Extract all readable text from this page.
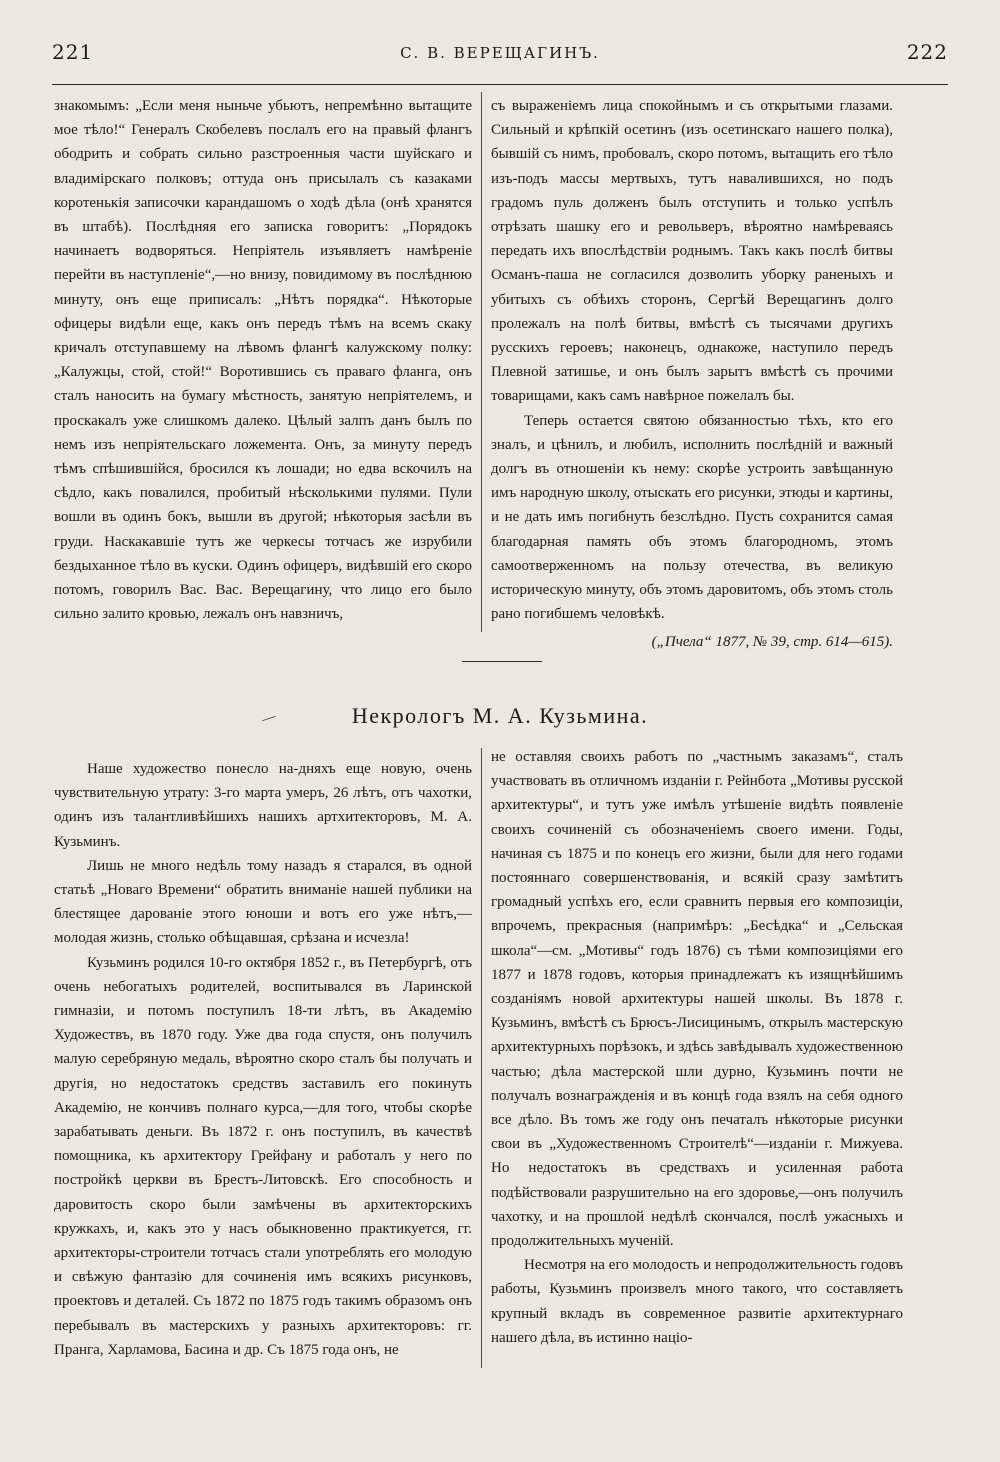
221	С. В. ВЕРЕЩАГИНЪ.	222

знакомымъ: „Если меня ныньче убьютъ, непремѣнно вытащите мое тѣло!“ Генералъ Скобелевъ послалъ его на правый флангъ ободрить и собрать сильно разстроенныя части шуйскаго и владимірскаго полковъ; оттуда онъ присылалъ съ казаками коротенькія записочки карандашомъ о ходѣ дѣла (онѣ хранятся въ штабѣ). Послѣдняя его записка говоритъ: „Порядокъ начинаетъ водворяться. Непріятель изъявляетъ намѣреніе перейти въ наступленіе“,—но внизу, повидимому въ послѣднюю минуту, онъ еще приписалъ: „Нѣтъ порядка“. Нѣкоторые офицеры видѣли еще, какъ онъ передъ тѣмъ на всемъ скаку кричалъ отступавшему на лѣвомъ флангѣ калужскому полку: „Калужцы, стой, стой!“ Воротившись съ праваго фланга, онъ сталъ наносить на бумагу мѣстность, занятую непріятелемъ, и проскакалъ уже слишкомъ далеко. Цѣлый залпъ данъ былъ по немъ изъ непріятельскаго ложемента. Онъ, за минуту передъ тѣмъ спѣшившійся, бросился къ лошади; но едва вскочилъ на сѣдло, какъ повалился, пробитый нѣсколькими пулями. Пули вошли въ одинъ бокъ, вышли въ другой; нѣкоторыя засѣли въ груди. Наскакавшіе тутъ же черкесы тотчасъ же изрубили бездыханное тѣло въ куски. Одинъ офицеръ, видѣвшій его скоро потомъ, говорилъ Вас. Вас. Верещагину, что лицо его было сильно залито кровью, лежалъ онъ навзничъ,

съ выраженіемъ лица спокойнымъ и съ открытыми глазами. Сильный и крѣпкій осетинъ (изъ осетинскаго нашего полка), бывшій съ нимъ, пробовалъ, скоро потомъ, вытащить его тѣло изъ-подъ массы мертвыхъ, тутъ навалившихся, но подъ градомъ пуль долженъ былъ отступить и только успѣлъ отрѣзать шашку его и револьверъ, вѣроятно намѣреваясь передать ихъ впослѣдствіи роднымъ. Такъ какъ послѣ битвы Османъ-паша не согласился дозволить уборку раненыхъ и убитыхъ съ обѣихъ сторонъ, Сергѣй Верещагинъ долго пролежалъ на полѣ битвы, вмѣстѣ съ тысячами другихъ русскихъ героевъ; наконецъ, однакоже, наступило передъ Плевной затишье, и онъ былъ зарытъ вмѣстѣ съ прочими товарищами, какъ самъ навѣрное пожелалъ бы.

Теперь остается святою обязанностью тѣхъ, кто его зналъ, и цѣнилъ, и любилъ, исполнить послѣдній и важный долгъ въ отношеніи къ нему: скорѣе устроить завѣщанную имъ народную школу, отыскать его рисунки, этюды и картины, и не дать имъ погибнуть безслѣдно. Пусть сохранится самая благодарная память объ этомъ благородномъ, этомъ самоотверженномъ на пользу отечества, въ великую историческую минуту, объ этомъ даровитомъ, объ этомъ столь рано погибшемъ человѣкѣ.

(„Пчела“ 1877, № 39, стр. 614—615).

Некрологъ М. А. Кузьмина.

Наше художество понесло на-дняхъ еще новую, очень чувствительную утрату: 3-го марта умеръ, 26 лѣтъ, отъ чахотки, одинъ изъ талантливѣйшихъ нашихъ артхитекторовъ, М. А. Кузьминъ.

Лишь не много недѣль тому назадъ я старался, въ одной статьѣ „Новаго Времени“ обратить вниманіе нашей публики на блестящее дарованіе этого юноши и вотъ его уже нѣтъ,—молодая жизнь, столько обѣщавшая, срѣзана и исчезла!

Кузьминъ родился 10-го октября 1852 г., въ Петербургѣ, отъ очень небогатыхъ родителей, воспитывался въ Ларинской гимназіи, и потомъ поступилъ 18-ти лѣтъ, въ Академію Художествъ, въ 1870 году. Уже два года спустя, онъ получилъ малую серебряную медаль, вѣроятно скоро сталъ бы получать и другія, но недостатокъ средствъ заставилъ его покинуть Академію, не кончивъ полнаго курса,—для того, чтобы скорѣе зарабатывать деньги. Въ 1872 г. онъ поступилъ, въ качествѣ помощника, къ архитектору Грейфану и работалъ у него по постройкѣ церкви въ Брестъ-Литовскѣ. Его способность и даровитость скоро были замѣчены въ архитекторскихъ кружкахъ, и, какъ это у насъ обыкновенно практикуется, гг. архитекторы-строители тотчасъ стали употреблять его молодую и свѣжую фантазію для сочиненія имъ всякихъ рисунковъ, проектовъ и деталей. Съ 1872 по 1875 годъ такимъ образомъ онъ перебывалъ въ мастерскихъ у разныхъ архитекторовъ: гг. Пранга, Харламова, Басина и др. Съ 1875 года онъ, не

не оставляя своихъ работъ по „частнымъ заказамъ“, сталъ участвовать въ отличномъ изданіи г. Рейнбота „Мотивы русской архитектуры“, и тутъ уже имѣлъ утѣшеніе видѣть появленіе своихъ сочиненій съ обозначеніемъ своего имени. Годы, начиная съ 1875 и по конецъ его жизни, были для него годами постояннаго совершенствованія, и всякій сразу замѣтитъ громадный успѣхъ его, если сравнить первыя его композиціи, впрочемъ, прекрасныя (напримѣръ: „Бесѣдка“ и „Сельская школа“—см. „Мотивы“ годъ 1876) съ тѣми композиціями его 1877 и 1878 годовъ, которыя принадлежатъ къ изящнѣйшимъ созданіямъ новой архитектуры нашей школы. Въ 1878 г. Кузьминъ, вмѣстѣ съ Брюсъ-Лисицинымъ, открылъ мастерскую архитектурныхъ порѣзокъ, и здѣсь завѣдывалъ художественною частью; дѣла мастерской шли дурно, Кузьминъ почти не получалъ вознагражденія и въ концѣ года взялъ на себя одного все дѣло. Въ томъ же году онъ печаталъ нѣкоторые рисунки свои въ „Художественномъ Строителѣ“—изданіи г. Мижуева. Но недостатокъ въ средствахъ и усиленная работа подѣйствовали разрушительно на его здоровье,—онъ получилъ чахотку, и на прошлой недѣлѣ скончался, послѣ ужасныхъ и продолжительныхъ мученій.

Несмотря на его молодость и непродолжительность годовъ работы, Кузьминъ произвелъ много такого, что составляетъ крупный вкладъ въ современное развитіе архитектурнаго нашего дѣла, въ истинно націо-
